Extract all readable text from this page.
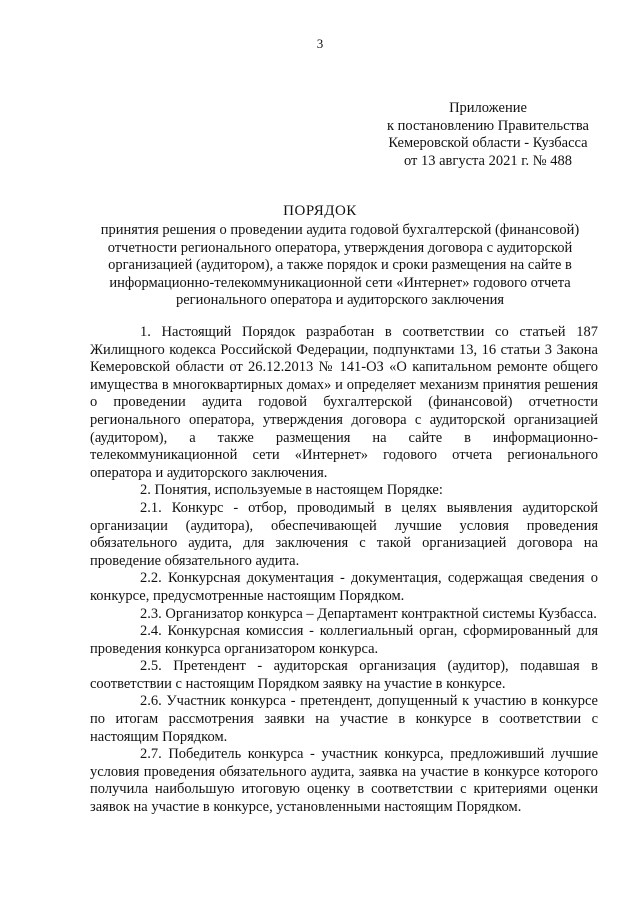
3
Приложение
к постановлению Правительства
Кемеровской области - Кузбасса
от 13 августа 2021 г. № 488
ПОРЯДОК
принятия решения о проведении аудита годовой бухгалтерской (финансовой)
отчетности регионального оператора, утверждения договора с аудиторской
организацией (аудитором), а также порядок и сроки размещения на сайте в
информационно-телекоммуникационной сети «Интернет» годового отчета
регионального оператора и аудиторского заключения

1. Настоящий Порядок разработан в соответствии со статьей 187 Жилищного кодекса Российской Федерации, подпунктами 13, 16 статьи 3 Закона Кемеровской области от 26.12.2013 № 141-ОЗ «О капитальном ремонте общего имущества в многоквартирных домах» и определяет механизм принятия решения о проведении аудита годовой бухгалтерской (финансовой) отчетности регионального оператора, утверждения договора с аудиторской организацией (аудитором), а также размещения на сайте в информационно-телекоммуникационной сети «Интернет» годового отчета регионального оператора и аудиторского заключения.

2. Понятия, используемые в настоящем Порядке:

2.1. Конкурс - отбор, проводимый в целях выявления аудиторской организации (аудитора), обеспечивающей лучшие условия проведения обязательного аудита, для заключения с такой организацией договора на проведение обязательного аудита.

2.2. Конкурсная документация - документация, содержащая сведения о конкурсе, предусмотренные настоящим Порядком.

2.3. Организатор конкурса – Департамент контрактной системы Кузбасса.

2.4. Конкурсная комиссия - коллегиальный орган, сформированный для проведения конкурса организатором конкурса.

2.5. Претендент - аудиторская организация (аудитор), подавшая в соответствии с настоящим Порядком заявку на участие в конкурсе.

2.6. Участник конкурса - претендент, допущенный к участию в конкурсе по итогам рассмотрения заявки на участие в конкурсе в соответствии с настоящим Порядком.

2.7. Победитель конкурса - участник конкурса, предложивший лучшие условия проведения обязательного аудита, заявка на участие в конкурсе которого получила наибольшую итоговую оценку в соответствии с критериями оценки заявок на участие в конкурсе, установленными настоящим Порядком.
